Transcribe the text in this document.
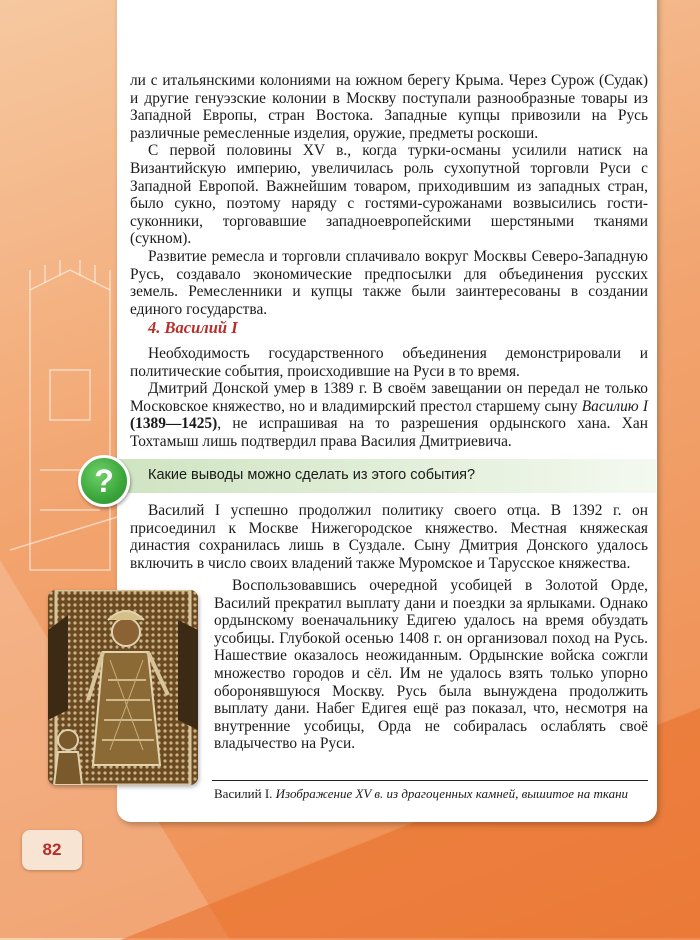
ли с итальянскими колониями на южном берегу Крыма. Через Сурож (Судак) и другие генуэзские колонии в Москву поступали разнообразные товары из Западной Европы, стран Востока. Западные купцы привозили на Русь различные ремесленные изделия, оружие, предметы роскоши.

С первой половины XV в., когда турки-османы усилили натиск на Византийскую империю, увеличилась роль сухопутной торговли Руси с Западной Европой. Важнейшим товаром, приходившим из западных стран, было сукно, поэтому наряду с гостями-сурожанами возвысились гости-суконники, торговавшие западноевропейскими шерстяными тканями (сукном).

Развитие ремесла и торговли сплачивало вокруг Москвы Северо-Западную Русь, создавало экономические предпосылки для объединения русских земель. Ремесленники и купцы также были заинтересованы в создании единого государства.

4. Василий I

Необходимость государственного объединения демонстрировали и политические события, происходившие на Руси в то время.

Дмитрий Донской умер в 1389 г. В своём завещании он передал не только Московское княжество, но и владимирский престол старшему сыну Василию I (1389—1425), не испрашивая на то разрешения ордынского хана. Хан Тохтамыш лишь подтвердил права Василия Дмитриевича.

?	Какие выводы можно сделать из этого события?

Василий I успешно продолжил политику своего отца. В 1392 г. он присоединил к Москве Нижегородское княжество. Местная княжеская династия сохранилась лишь в Суздале. Сыну Дмитрия Донского удалось включить в число своих владений также Муромское и Тарусское княжества.

Воспользовавшись очередной усобицей в Золотой Орде, Василий прекратил выплату дани и поездки за ярлыками. Однако ордынскому военачальнику Едигею удалось на время обуздать усобицы. Глубокой осенью 1408 г. он организовал поход на Русь. Нашествие оказалось неожиданным. Ордынские войска сожгли множество городов и сёл. Им не удалось взять только упорно оборонявшуюся Москву. Русь была вынуждена продолжить выплату дани. Набег Едигея ещё раз показал, что, несмотря на внутренние усобицы, Орда не собиралась ослаблять своё владычество на Руси.

Василий I. Изображение XV в. из драгоценных камней, вышитое на ткани
82
